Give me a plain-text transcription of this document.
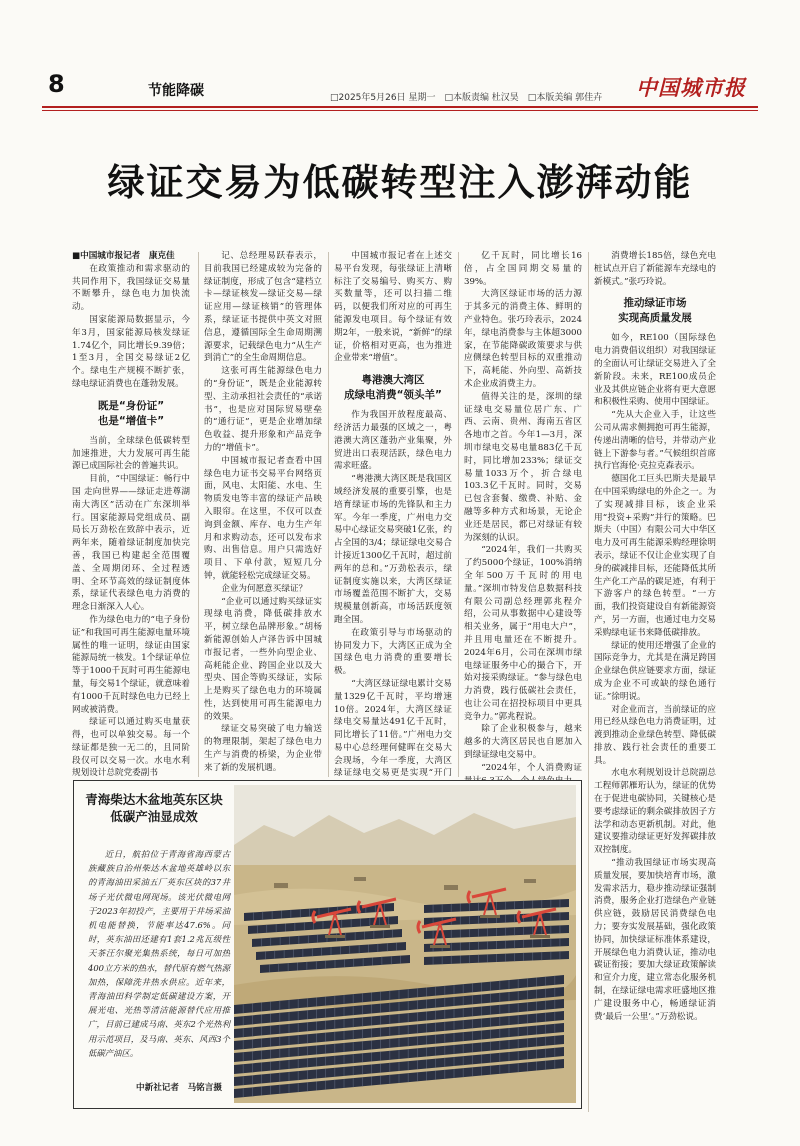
8	节能降碳	□2025年5月26日 星期一　□本版责编 杜汉昊　□本版美编 郭佳卉 中国城市报
绿证交易为低碳转型注入澎湃动能

■中国城市报记者　康克佳

在政策推动和需求驱动的共同作用下，我国绿证交易量不断攀升，绿色电力加快流动。

国家能源局数据显示，今年3月，国家能源局核发绿证1.74亿个，同比增长9.39倍；1至3月，全国交易绿证2亿个。绿电生产规模不断扩张，绿电绿证消费也在蓬勃发展。

既是“身份证”
也是“增值卡”

当前，全球绿色低碳转型加速推进，大力发展可再生能源已成国际社会的普遍共识。

目前，“中国绿证：畅行中国 走向世界——绿证走进尊湖南大湾区”活动在广东深圳举行。国家能源局党组成员、副局长万劲松在致辞中表示，近两年来，随着绿证制度加快完善，我国已构建起全范围覆盖、全周期闭环、全过程透明、全环节高效的绿证制度体系，绿证代表绿色电力消费的理念日渐深入人心。

作为绿色电力的“电子身份证”和我国可再生能源电量环境属性的唯一证明，绿证由国家能源局统一核发。1个绿证单位等于1000千瓦时可再生能源电量，每交易1个绿证，就意味着有1000千瓦时绿色电力已经上网或被消费。

绿证可以通过购买电量获得，也可以单独交易。每一个绿证都是独一无二的，且同阶段仅可以交易一次。水电水利规划设计总院党委副书

记、总经理易跃春表示，目前我国已经建成较为完备的绿证制度，形成了包含“建档立卡—绿证核发—绿证交易—绿证应用—绿证核销”的管理体系，绿证证书提供中英文对照信息，遵循国际全生命周期溯源要求，记载绿色电力“从生产到消亡”的全生命周期信息。

这张可再生能源绿色电力的“身份证”，既是企业能源转型、主动承担社会责任的“承诺书”，也是应对国际贸易壁垒的“通行证”，更是企业增加绿色收益、提升形象和产品竞争力的“增值卡”。

中国城市报记者查看中国绿色电力证书交易平台网络页面，风电、太阳能、水电、生物质发电等丰富的绿证产品映入眼帘。在这里，不仅可以查询到金额、库存、电力生产年月和求购动态，还可以发布求购、出售信息。用户只需选好项目、下单付款，短短几分钟，就能轻松完成绿证交易。

企业为何愿意买绿证？

“企业可以通过购买绿证实现绿电消费，降低碳排放水平，树立绿色品牌形象。”胡杨新能源创始人卢泽告诉中国城市报记者，一些外向型企业、高耗能企业、跨国企业以及大型央、国企等购买绿证，实际上是购买了绿色电力的环境属性，达到使用可再生能源电力的效果。

绿证交易突破了电力输送的物理限制，架起了绿色电力生产与消费的桥梁，为企业带来了新的发展机遇。

中国城市报记者在上述交易平台发现，每张绿证上清晰标注了交易编号、购买方、购买数量等，还可以扫描二维码，以便我们所对应的可再生能源发电项目。每个绿证有效期2年，一般来说，“新鲜”的绿证，价格相对更高，也为推进企业带来“增值”。

粤港澳大湾区
成绿电消费“领头羊”

作为我国开放程度最高、经济活力最强的区域之一，粤港澳大湾区蓬勃产业集聚，外贸进出口表现活跃，绿色电力需求旺盛。

“粤港澳大湾区既是我国区域经济发展的重要引擎，也是培育绿证市场的先锋队和主力军。今年一季度，广州电力交易中心绿证交易突破1亿张，约占全国的3/4；绿证绿电交易合计接近1300亿千瓦时，超过前两年的总和。”万劲松表示，绿证制度实施以来，大湾区绿证市场覆盖范围不断扩大，交易规模量创新高，市场活跃度领跑全国。

在政策引导与市场驱动的协同发力下，大湾区正成为全国绿色电力消费的重要增长极。

“大湾区绿证绿电累计交易量1329亿千瓦时，平均增速10倍。2024年，大湾区绿证绿电交易量达491亿千瓦时，同比增长了11倍。”广州电力交易中心总经理何健晖在交易大会现场，今年一季度，大湾区绿证绿电交易更是实现“开门

亿千瓦时，同比增长16倍，占全国同期交易量的39%。

大湾区绿证市场的活力源于其多元的消费主体、鲜明的产业特色。张巧玲表示，2024年，绿电消费参与主体超3000家，在节能降碳政策要求与供应侧绿色转型目标的双重推动下，高耗能、外向型、高新技术企业成消费主力。

值得关注的是，深圳的绿证绿电交易量位居广东、广西、云南、贵州、海南五省区各地市之首。今年1—3月，深圳市绿电交易电量883亿千瓦时，同比增加233%；绿证交易量1033万个，折合绿电103.3亿千瓦时。同时，交易已包含套餐、缴费、补贴、金融等多种方式和场景，无论企业还是居民，都已对绿证有较为深刻的认识。

“2024年，我们一共购买了约5000个绿证，100%消纳全年500万千瓦时的用电量。”深圳市特发信息数据科技有限公司副总经理郭兆程介绍，公司从事数据中心建设等相关业务，属于“用电大户”，并且用电量还在不断提升。2024年6月，公司在深圳市绿电绿证服务中心的撮合下，开始对接采购绿证。“参与绿色电力消费，践行低碳社会责任，也让公司在招投标项目中更具竞争力。”郭兆程说。

除了企业积极参与，越来越多的大湾区居民也自愿加入到绿证绿电交易中。

“2024年，个人消费购证

消费增长185倍，绿色充电桩试点开启了新能源车充绿电的新模式。”张巧玲说。

推动绿证市场
实现高质量发展

如今，RE100（国际绿色电力消费倡议组织）对我国绿证的全面认可让绿证交易进入了全新阶段。未来，RE100成员企业及其供应链企业将有更大意愿和积极性采购、使用中国绿证。

“先从大企业入手，让这些公司从需求侧拥抱可再生能源，传递出清晰的信号，并带动产业链上下游参与者。”气候组织首席执行官海伦·克拉克森表示。

德国化工巨头巴斯夫是最早在中国采购绿电的外企之一。为了实现减排目标，该企业采用“投资+采购”并行的策略。巴斯夫（中国）有限公司大中华区电力及可再生能源采购经理徐明表示，绿证不仅让企业实现了自身的碳减排目标，还能降低其所生产化工产品的碳足迹，有利于下游客户的绿色转型。“一方面，我们投资建设自有新能源资产，另一方面，也通过电力交易采购绿电证书来降低碳排放。

绿证的使用还增强了企业的国际竞争力，尤其是在满足跨国企业绿色供应链要求方面，绿证成为企业不可或缺的绿色通行证。”徐明说。

对企业而言，当前绿证的应用已经从绿色电力消费证明，过渡到推动企业绿色转型、降低碳排放、践行社会责任的重要工具。

水电水利规划设计总院副总工程师郭雁珩认为，绿证的优势在于促进电碳协同，关键核心是要考虑绿证的剩余碳排放因子方法学和动态更新机制。对此，他建议要推动绿证更好发挥碳排放双控制度。

“推动我国绿证市场实现高质量发展，要加快培育市场，激发需求活力，稳步推动绿证强制消费，服务企业打造绿色产业链供应链，鼓励居民消费绿色电力；要夯实发展基础，强化政策协同，加快绿证标准体系建设，开展绿色电力消费认证，推动电碳证衔接；要加大绿证政策解读和宣介力度，建立常态化服务机制，在绿证绿电需求旺盛地区推广建设服务中心，畅通绿证消费‘最后一公里’。”万劲松说。

青海柴达木盆地英东区块
低碳产油显成效

近日，航拍位于青海省海西蒙古族藏族自治州柴达木盆地英雄岭以东的青海油田采油五厂英东区块的37井场子光伏微电网现场。该光伏微电网于2023年初投产，主要用于井场采油机电能替换，节能率达47.6%。同时，英东油田还建有1套1.2兆瓦级性天茶汪尔聚光集热系统，每日可加热400立方米的热水，替代原有燃气热源加热，保障洗井热水供应。近年来，青海油田科学制定低碳建设方案，开展光电、光热等清洁能源替代应用推广，目前已建成马南、英东2个光热利用示范项目，及马南、英东、风西3个低碳产油区。

中新社记者　马铭言摄
